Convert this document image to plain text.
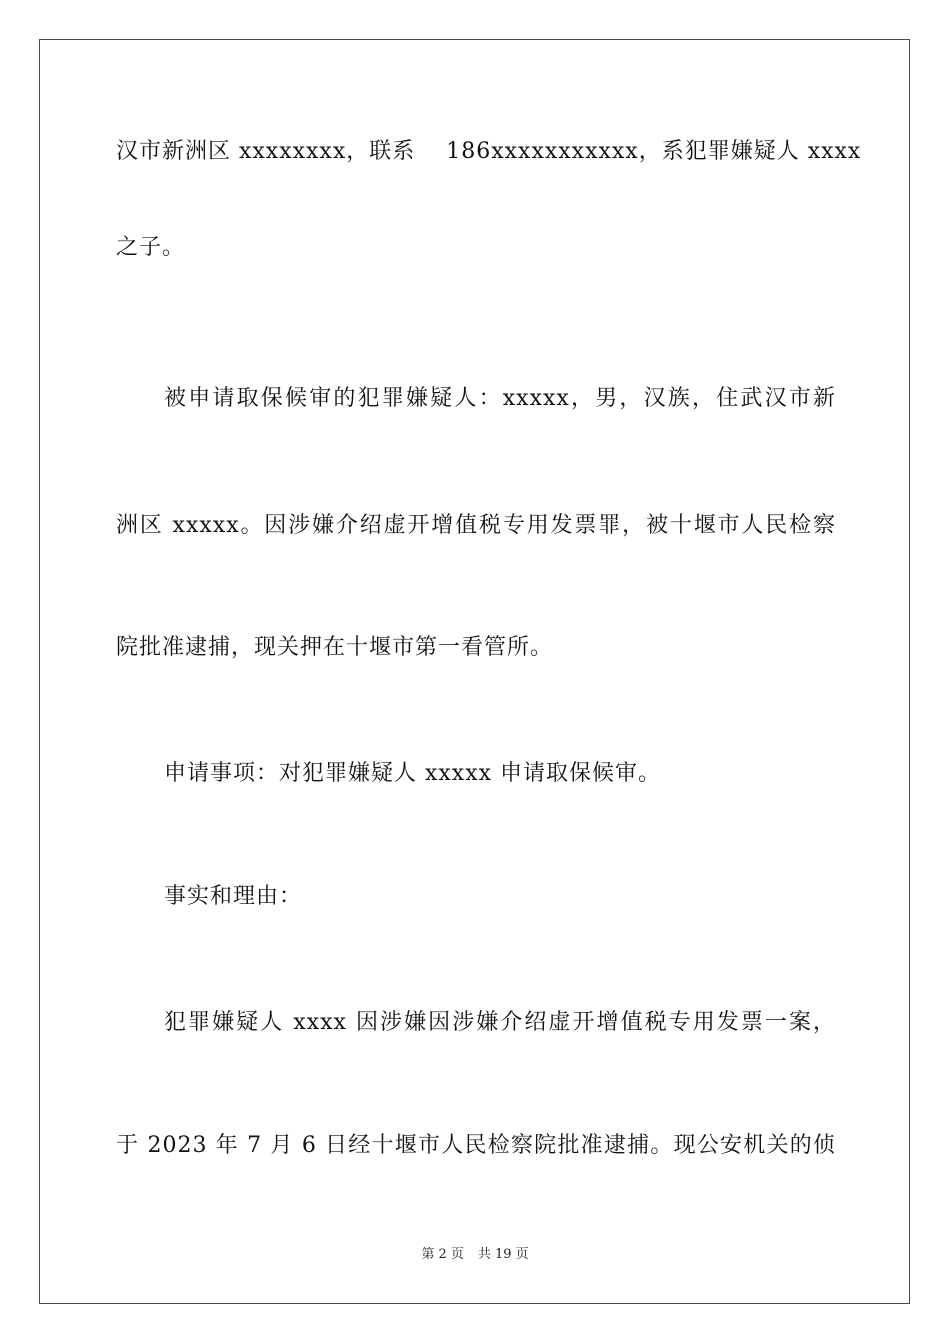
汉市新洲区 xxxxxxxx，联系　 186xxxxxxxxxxx，系犯罪嫌疑人 xxxx
之子。
被申请取保候审的犯罪嫌疑人：xxxxx，男，汉族，住武汉市新
洲区 xxxxx。因涉嫌介绍虚开增值税专用发票罪，被十堰市人民检察
院批准逮捕，现关押在十堰市第一看管所。
申请事项：对犯罪嫌疑人 xxxxx 申请取保候审。
事实和理由：
犯罪嫌疑人 xxxx 因涉嫌因涉嫌介绍虚开增值税专用发票一案，
于 2023 年 7 月 6 日经十堰市人民检察院批准逮捕。现公安机关的侦
第 2 页 共 19 页
